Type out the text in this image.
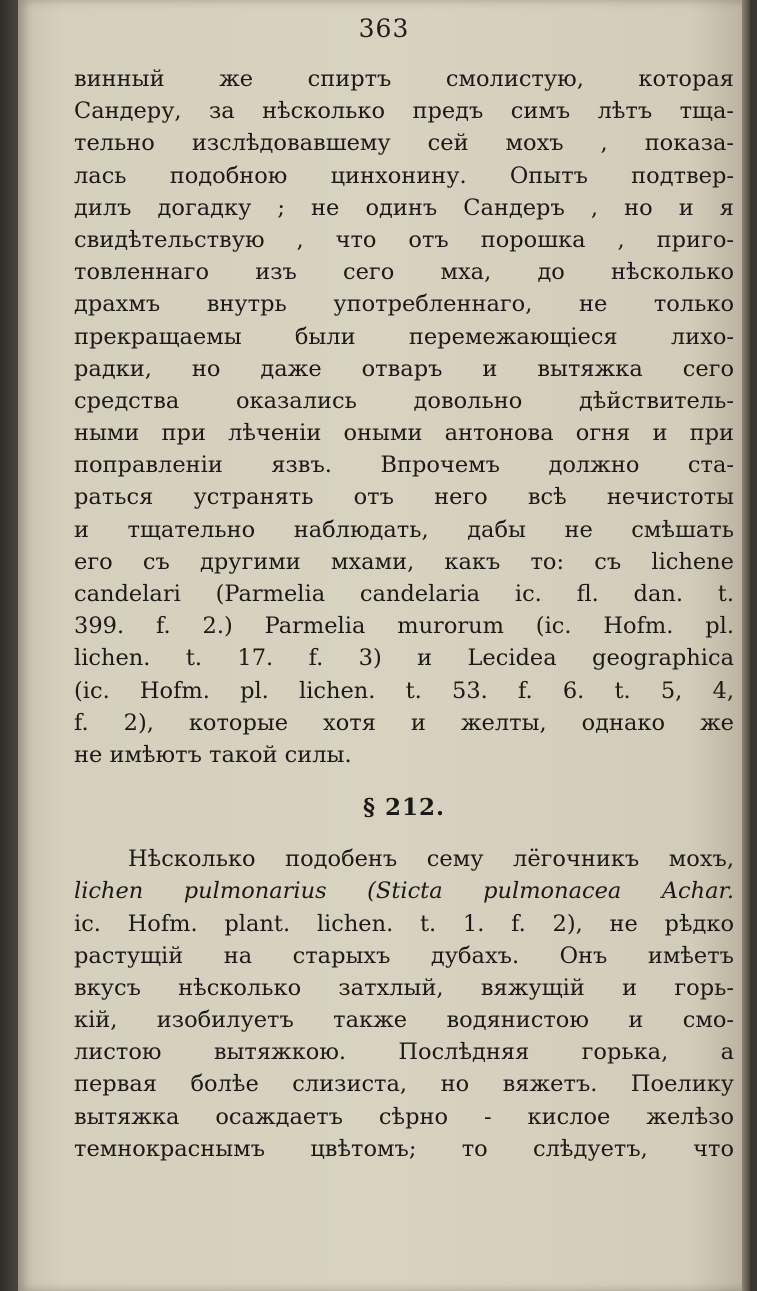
363
винный же спиртъ смолистую, которая
Сандеру, за нѣсколько предъ симъ лѣтъ тща-
тельно изслѣдовавшему сей мохъ , показа-
лась подобною цинхонину. Опытъ подтвер-
дилъ догадку ; не одинъ Сандеръ , но и я
свидѣтельствую , что отъ порошка , приго-
товленнаго изъ сего мха, до нѣсколько
драхмъ внутрь употребленнаго, не только
прекращаемы были перемежающіеся лихо-
радки, но даже отваръ и вытяжка сего
средства оказались довольно дѣйствитель-
ными при лѣченіи оными антонова огня и при
поправленіи язвъ. Впрочемъ должно ста-
раться устранять отъ него всѣ нечистоты
и тщательно наблюдать, дабы не смѣшать
его съ другими мхами, какъ то: съ lichene
candelari (Parmelia candelaria ic. fl. dan. t.
399. f. 2.) Parmelia murorum (ic. Hofm. pl.
lichen. t. 17. f. 3) и Lecidea geographica
(ic. Hofm. pl. lichen. t. 53. f. 6. t. 5, 4,
f. 2), которые хотя и желты, однако же
не имѣютъ такой силы.
§ 212.
Нѣсколько подобенъ сему лёгочникъ мохъ,
lichen pulmonarius (Sticta pulmonacea Achar.
ic. Hofm. plant. lichen. t. 1. f. 2), не рѣдко
растущій на старыхъ дубахъ. Онъ имѣетъ
вкусъ нѣсколько затхлый, вяжущій и горь-
кій, изобилуетъ также водянистою и смо-
листою вытяжкою. Послѣдняя горька, а
первая болѣе слизиста, но вяжетъ. Поелику
вытяжка осаждаетъ сѣрно - кислое желѣзо
темнокраснымъ цвѣтомъ; то слѣдуетъ, что
